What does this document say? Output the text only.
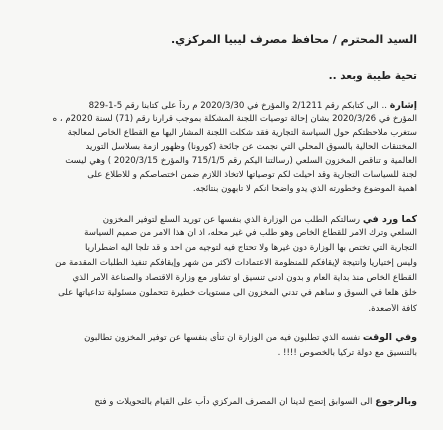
السيد المحترم / محافظ مصرف ليبيا المركزي.
تحية طيبة وبعد ..
إشارة .. الى كتابكم رقم 2/1211 والمؤرخ في 2020/3/30 م رداً على كتابنا رقم 5-1-829
المؤرخ في 2020/3/26 بشأن إحالة توصيات اللجنة المشكلة بموجب قرارنا رقم (71) لسنة 2020م ، ه
ستغرب ملاحظتكم حول السياسة التجارية فقد شكلت اللجنة المشار اليها مع القطاع الخاص لمعالجة
المختنقات الحالية بالسوق المحلي التي نجمت عن جائحة (كورونا) وظهور ازمة بسلاسل التوريد
العالمية و تناقص المخزون السلعي (رسالتنا اليكم رقم 715/1/5 والمؤرخ 2020/3/15 ) وهي ليست
لجنة للسياسات التجارية وقد أحيلت لكم توصياتها لاتخاذ اللازم ضمن اختصاصكم و للاطلاع على
أهمية الموضوع وخطورته الذي يدو واضحاً انكم لا تأبهون بنتائجه.
كما ورد في رسالتكم الطلب من الوزارة الذي بنفسها عن توريد السلع لتوفير المخزون
السلعي وترك الامر للقطاع الخاص وهو طلب في غير محله، اذ أن هذا الامر من صميم السياسة
التجارية التي تختص بها الوزارة دون غيرها ولا تحتاج فيه لتوجيه من احد و قد تلجأ اليه اضطرارياً
وليس إختيارياً وانتيجة لإيقافكم للمنظومة الاعتمادات لأكثر من شهر وإيقافكم تنفيذ الطلبات المقدمة من
القطاع الخاص منذ بداية العام و بدون أدنى تنسيق او تشاور مع وزارة الاقتصاد والصناعة الأمر الذي
خلق هلعاً في السوق و ساهم في تدني المخزون الى مستويات خطيرة تتحملون مسئولية تداعياتها على
كافة الأصعدة.
وفي الوقت نفسه الذي تطلبون فيه من الوزارة ان تنأى بنفسها عن توفير المخزون تطالبون
بالتنسيق مع دولة تركيا بالخصوص !!!! .
وبالرجوع الى السوابق إتضح لدينا ان المصرف المركزي دأب على القيام بالتحويلات و فتح
